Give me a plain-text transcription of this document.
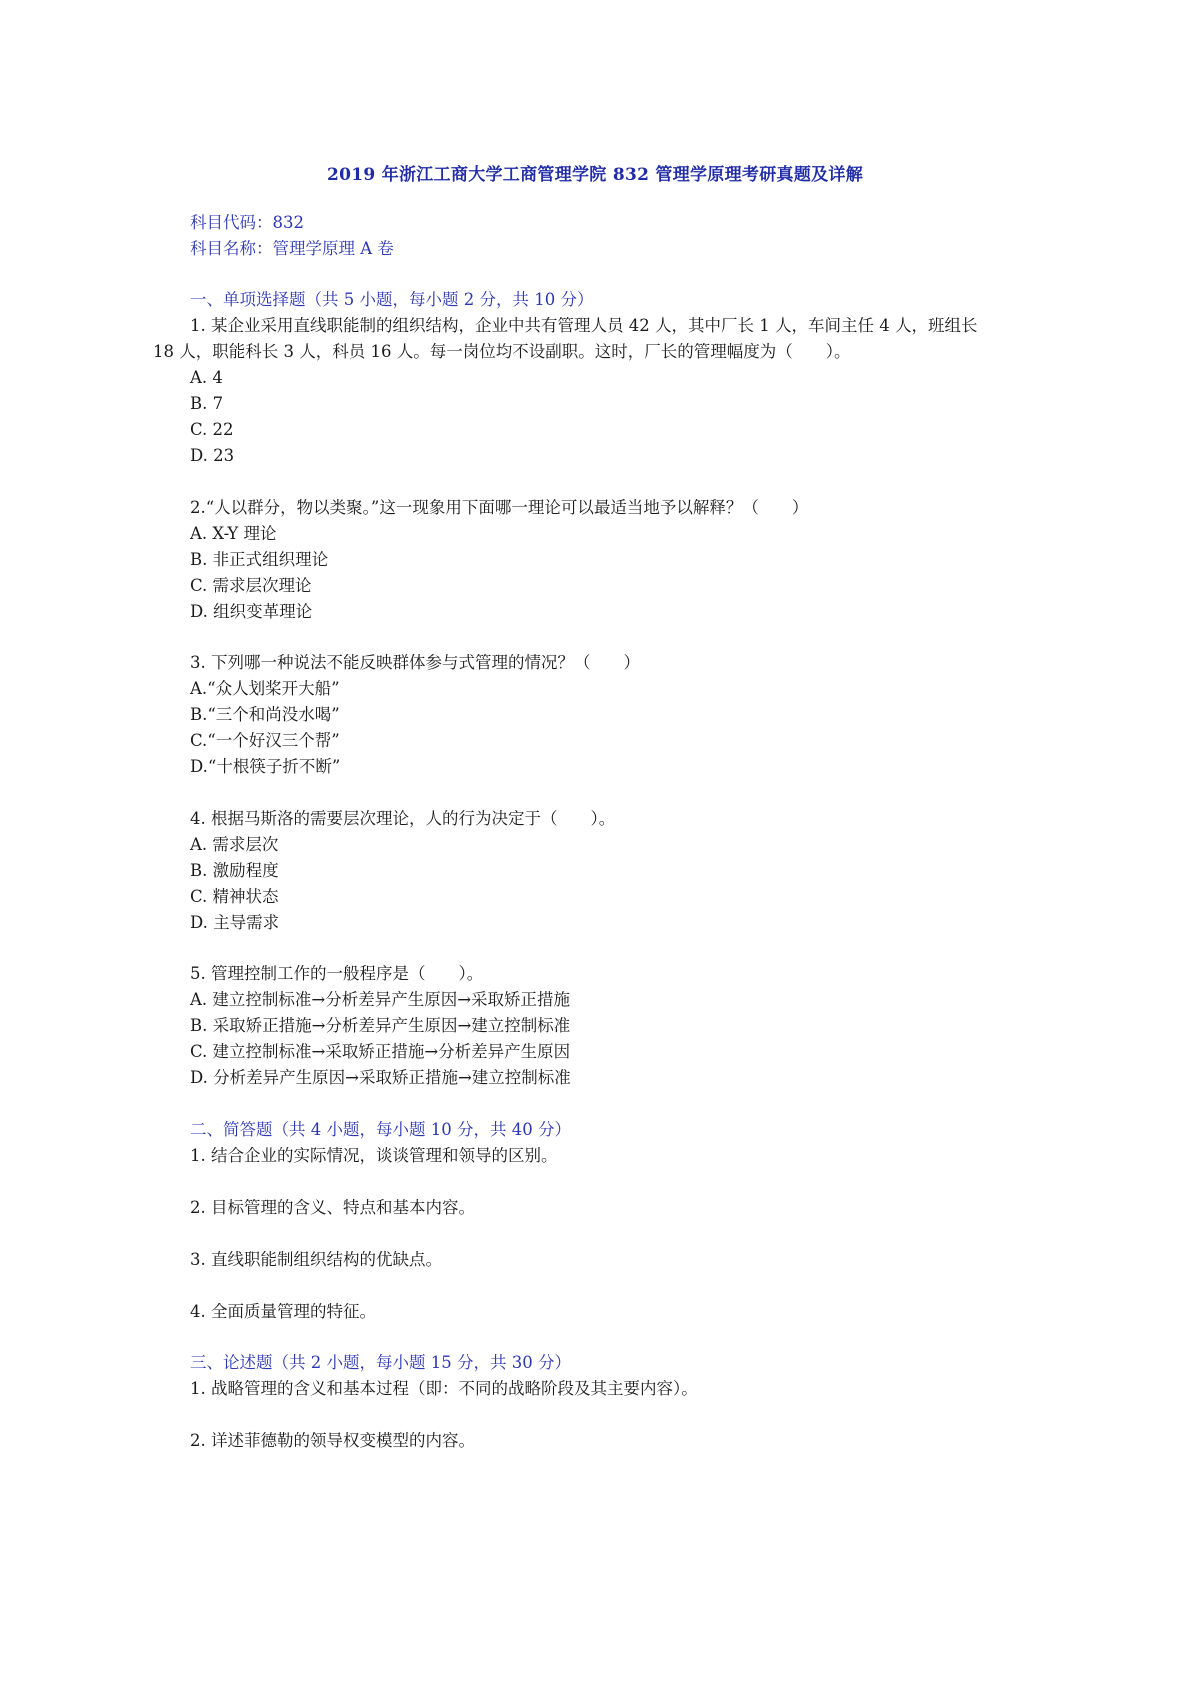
2019 年浙江工商大学工商管理学院 832 管理学原理考研真题及详解
科目代码：832
科目名称：管理学原理 A 卷
一、单项选择题（共 5 小题，每小题 2 分，共 10 分）
1. 某企业采用直线职能制的组织结构，企业中共有管理人员 42 人，其中厂长 1 人，车间主任 4 人，班组长
18 人，职能科长 3 人，科员 16 人。每一岗位均不设副职。这时，厂长的管理幅度为（　　）。
A. 4
B. 7
C. 22
D. 23
2.“人以群分，物以类聚。”这一现象用下面哪一理论可以最适当地予以解释？（　　）
A. X-Y 理论
B. 非正式组织理论
C. 需求层次理论
D. 组织变革理论
3. 下列哪一种说法不能反映群体参与式管理的情况？（　　）
A.“众人划桨开大船”
B.“三个和尚没水喝”
C.“一个好汉三个帮”
D.“十根筷子折不断”
4. 根据马斯洛的需要层次理论，人的行为决定于（　　）。
A. 需求层次
B. 激励程度
C. 精神状态
D. 主导需求
5. 管理控制工作的一般程序是（　　）。
A. 建立控制标准→分析差异产生原因→采取矫正措施
B. 采取矫正措施→分析差异产生原因→建立控制标准
C. 建立控制标准→采取矫正措施→分析差异产生原因
D. 分析差异产生原因→采取矫正措施→建立控制标准
二、简答题（共 4 小题，每小题 10 分，共 40 分）
1. 结合企业的实际情况，谈谈管理和领导的区别。
2. 目标管理的含义、特点和基本内容。
3. 直线职能制组织结构的优缺点。
4. 全面质量管理的特征。
三、论述题（共 2 小题，每小题 15 分，共 30 分）
1. 战略管理的含义和基本过程（即：不同的战略阶段及其主要内容）。
2. 详述菲德勒的领导权变模型的内容。
